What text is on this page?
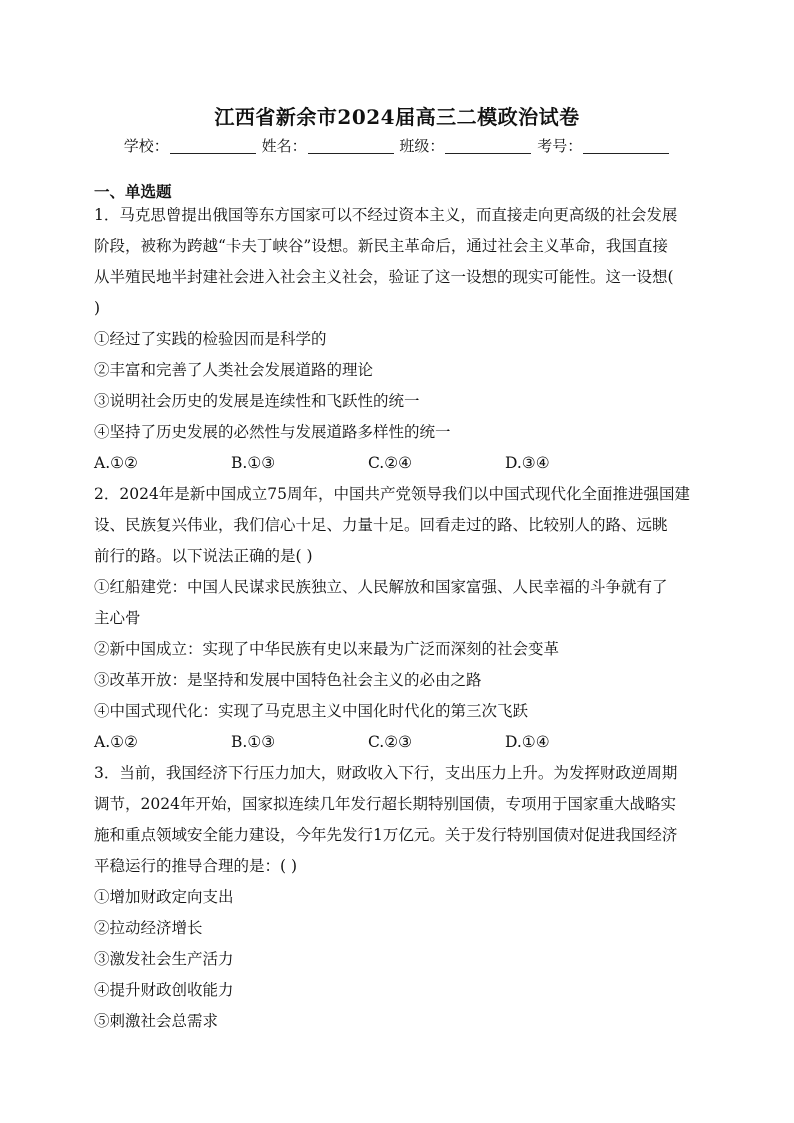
江西省新余市2024届高三二模政治试卷
学校：	姓名：	班级：	考号：
一、单选题
1．马克思曾提出俄国等东方国家可以不经过资本主义，而直接走向更高级的社会发展
阶段，被称为跨越“卡夫丁峡谷”设想。新民主革命后，通过社会主义革命，我国直接
从半殖民地半封建社会进入社会主义社会，验证了这一设想的现实可能性。这一设想(
)
①经过了实践的检验因而是科学的
②丰富和完善了人类社会发展道路的理论
③说明社会历史的发展是连续性和飞跃性的统一
④坚持了历史发展的必然性与发展道路多样性的统一
A.①②	B.①③	C.②④	D.③④
2．2024年是新中国成立75周年，中国共产党领导我们以中国式现代化全面推进强国建
设、民族复兴伟业，我们信心十足、力量十足。回看走过的路、比较别人的路、远眺
前行的路。以下说法正确的是( )
①红船建党：中国人民谋求民族独立、人民解放和国家富强、人民幸福的斗争就有了
主心骨
②新中国成立：实现了中华民族有史以来最为广泛而深刻的社会变革
③改革开放：是坚持和发展中国特色社会主义的必由之路
④中国式现代化：实现了马克思主义中国化时代化的第三次飞跃
A.①②	B.①③	C.②③	D.①④
3．当前，我国经济下行压力加大，财政收入下行，支出压力上升。为发挥财政逆周期
调节，2024年开始，国家拟连续几年发行超长期特别国债，专项用于国家重大战略实
施和重点领域安全能力建设，今年先发行1万亿元。关于发行特别国债对促进我国经济
平稳运行的推导合理的是：( )
①增加财政定向支出
②拉动经济增长
③激发社会生产活力
④提升财政创收能力
⑤刺激社会总需求
